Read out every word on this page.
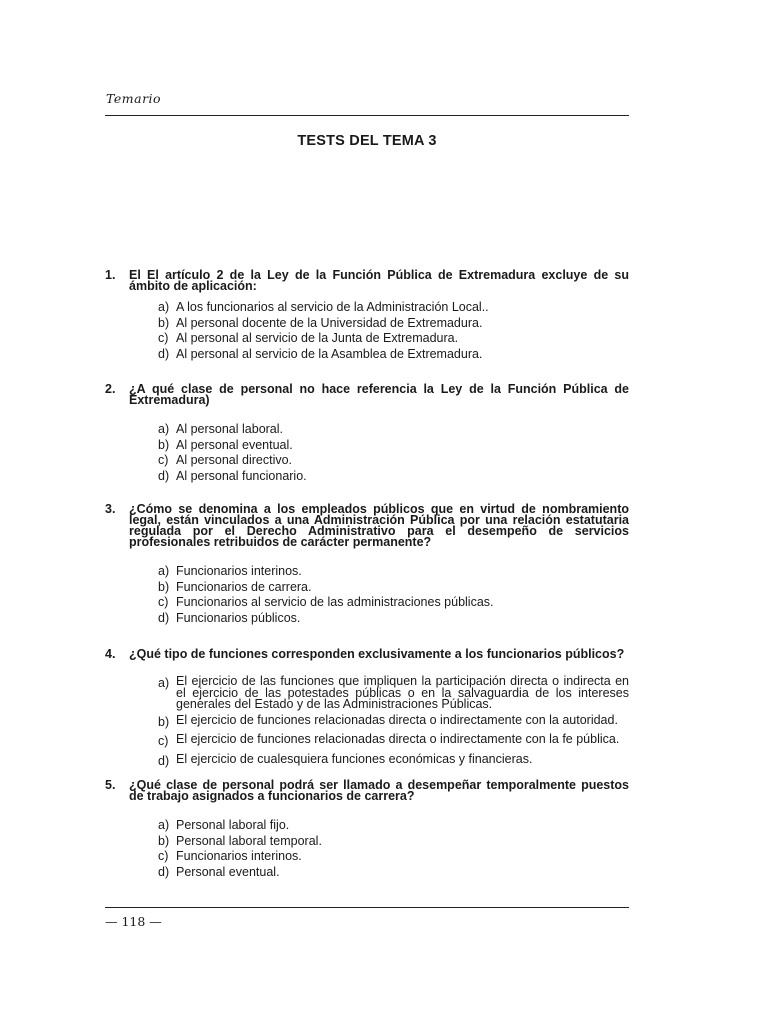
Temario
TESTS DEL TEMA 3
1.	El El artículo 2 de la Ley de la Función Pública de Extremadura excluye de su ámbito de aplicación:
a) A los funcionarios al servicio de la Administración Local..
b) Al personal docente de la Universidad de Extremadura.
c) Al personal al servicio de la Junta de Extremadura.
d) Al personal al servicio de la Asamblea de Extremadura.
2.	¿A qué clase de personal no hace referencia la Ley de la Función Pública de Extremadura)
a) Al personal laboral.
b) Al personal eventual.
c) Al personal directivo.
d) Al personal funcionario.
3.	¿Cómo se denomina a los empleados públicos que en virtud de nombramiento legal, están vinculados a una Administración Pública por una relación estatutaria regulada por el Derecho Administrativo para el desempeño de servicios profesionales retribuidos de carácter permanente?
a) Funcionarios interinos.
b) Funcionarios de carrera.
c) Funcionarios al servicio de las administraciones públicas.
d) Funcionarios públicos.
4.	¿Qué tipo de funciones corresponden exclusivamente a los funcionarios públicos?
a) El ejercicio de las funciones que impliquen la participación directa o indirecta en el ejercicio de las potestades públicas o en la salvaguardia de los intereses generales del Estado y de las Administraciones Públicas.
b) El ejercicio de funciones relacionadas directa o indirectamente con la autoridad.
c) El ejercicio de funciones relacionadas directa o indirectamente con la fe pública.
d) El ejercicio de cualesquiera funciones económicas y financieras.
5.	¿Qué clase de personal podrá ser llamado a desempeñar temporalmente puestos de trabajo asignados a funcionarios de carrera?
a) Personal laboral fijo.
b) Personal laboral temporal.
c) Funcionarios interinos.
d) Personal eventual.
— 118 —
